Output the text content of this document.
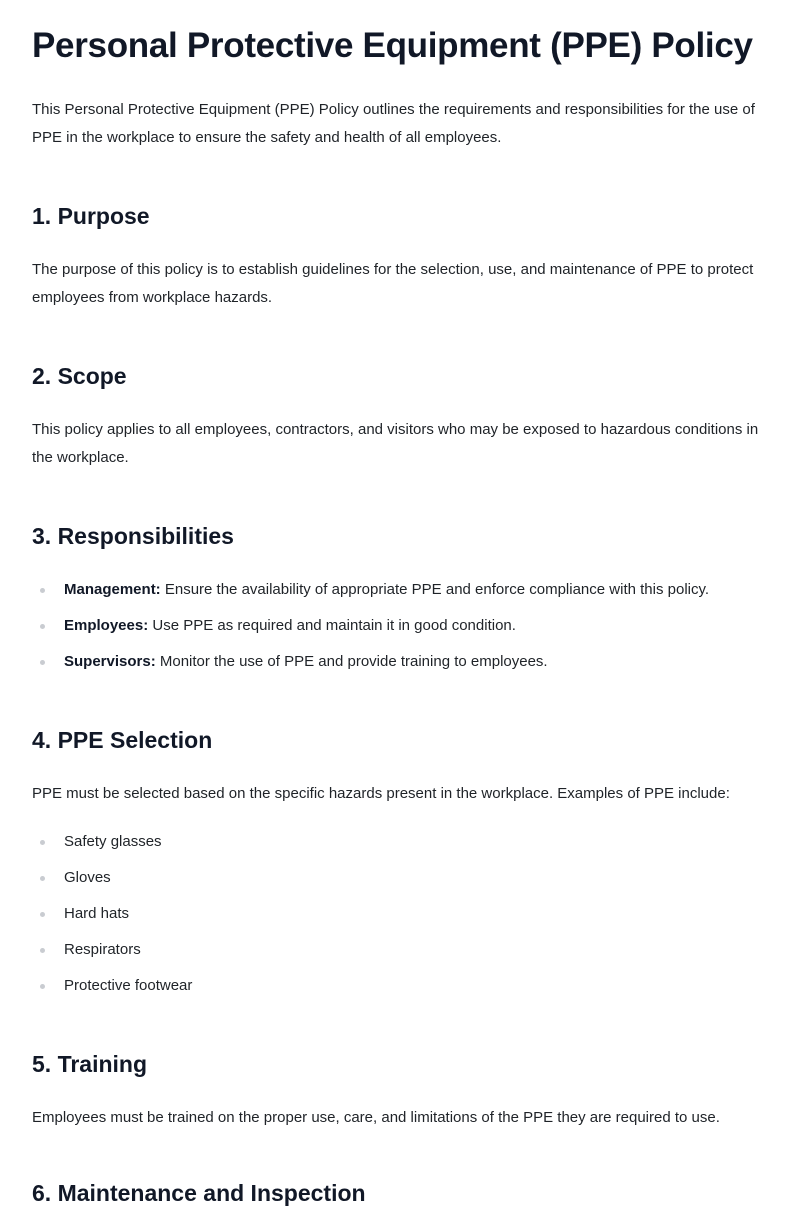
Personal Protective Equipment (PPE) Policy

This Personal Protective Equipment (PPE) Policy outlines the requirements and responsibilities for the use of PPE in the workplace to ensure the safety and health of all employees.

1. Purpose

The purpose of this policy is to establish guidelines for the selection, use, and maintenance of PPE to protect employees from workplace hazards.

2. Scope

This policy applies to all employees, contractors, and visitors who may be exposed to hazardous conditions in the workplace.

3. Responsibilities
Management: Ensure the availability of appropriate PPE and enforce compliance with this policy.
Employees: Use PPE as required and maintain it in good condition.
Supervisors: Monitor the use of PPE and provide training to employees.
4. PPE Selection

PPE must be selected based on the specific hazards present in the workplace. Examples of PPE include:

Safety glasses
Gloves
Hard hats
Respirators
Protective footwear
5. Training

Employees must be trained on the proper use, care, and limitations of the PPE they are required to use.

6. Maintenance and Inspection
